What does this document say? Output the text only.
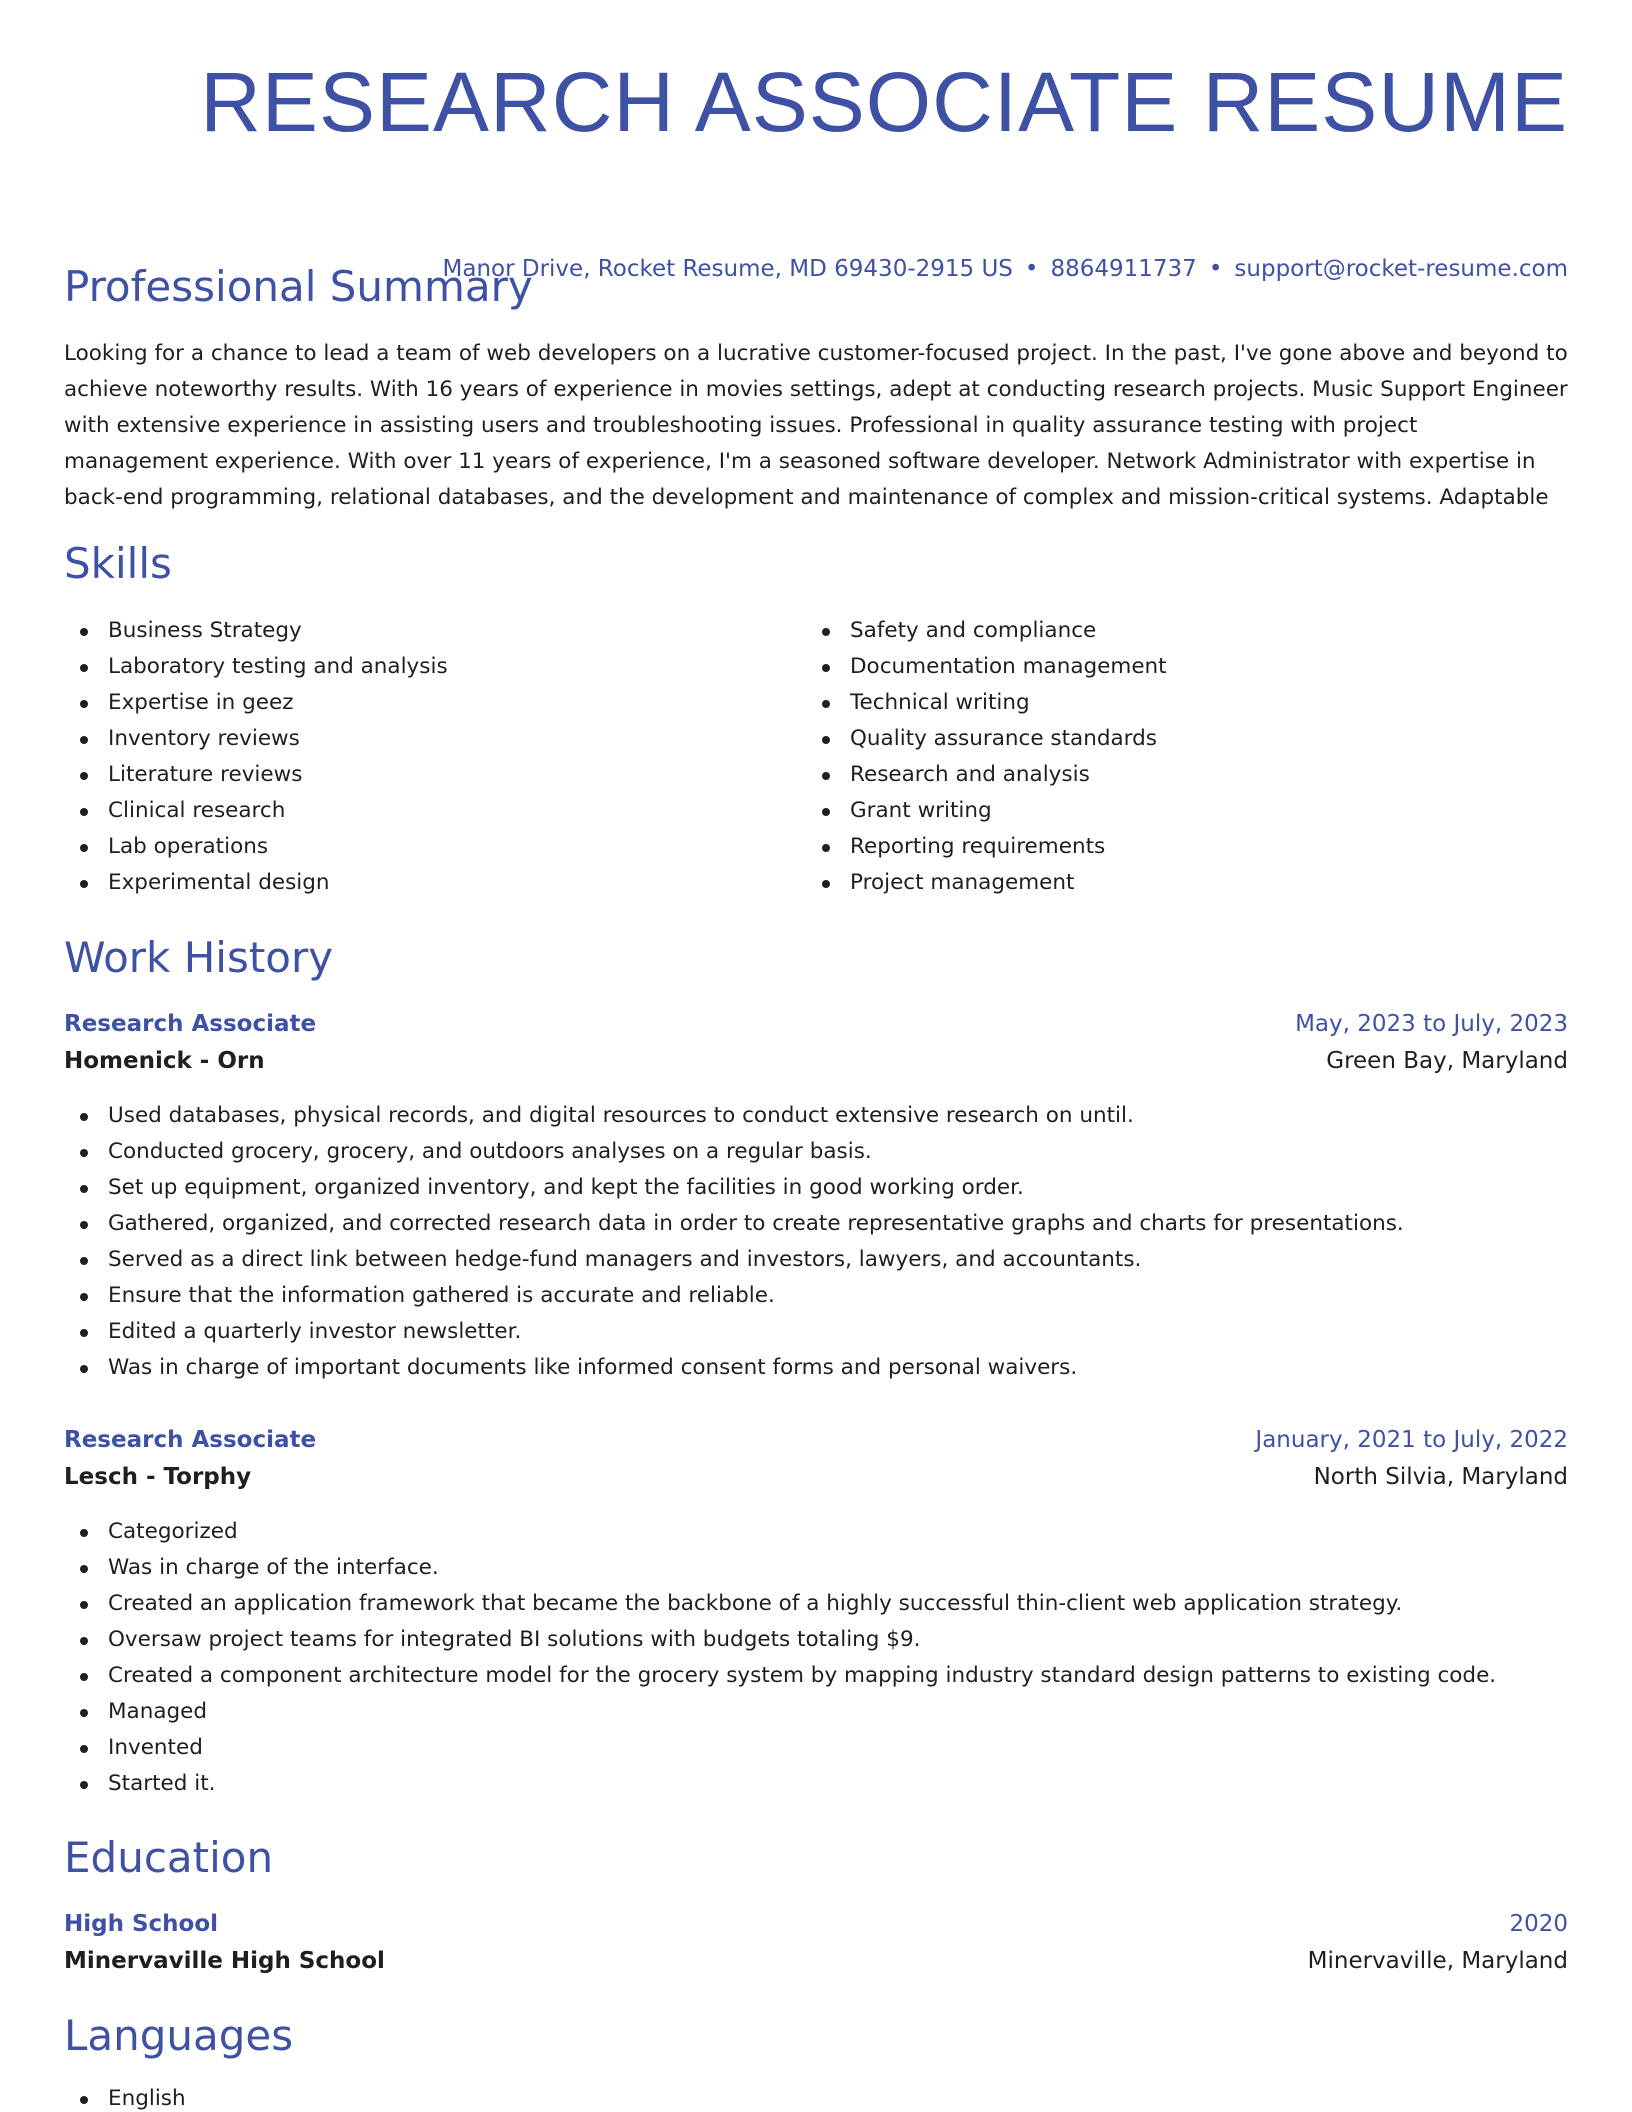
RESEARCH ASSOCIATE RESUME
Manor Drive, Rocket Resume, MD 69430-2915 US • 8864911737 • support@rocket-resume.com
Professional Summary

Looking for a chance to lead a team of web developers on a lucrative customer-focused project. In the past, I've gone above and beyond to achieve noteworthy results. With 16 years of experience in movies settings, adept at conducting research projects. Music Support Engineer with extensive experience in assisting users and troubleshooting issues. Professional in quality assurance testing with project management experience. With over 11 years of experience, I'm a seasoned software developer. Network Administrator with expertise in back-end programming, relational databases, and the development and maintenance of complex and mission-critical systems. Adaptable

Skills
Business Strategy
Laboratory testing and analysis
Expertise in geez
Inventory reviews
Literature reviews
Clinical research
Lab operations
Experimental design
Safety and compliance
Documentation management
Technical writing
Quality assurance standards
Research and analysis
Grant writing
Reporting requirements
Project management
Work History
Research Associate	May, 2023 to July, 2023
Homenick - Orn	Green Bay, Maryland
Used databases, physical records, and digital resources to conduct extensive research on until.
Conducted grocery, grocery, and outdoors analyses on a regular basis.
Set up equipment, organized inventory, and kept the facilities in good working order.
Gathered, organized, and corrected research data in order to create representative graphs and charts for presentations.
Served as a direct link between hedge-fund managers and investors, lawyers, and accountants.
Ensure that the information gathered is accurate and reliable.
Edited a quarterly investor newsletter.
Was in charge of important documents like informed consent forms and personal waivers.
Research Associate	January, 2021 to July, 2022
Lesch - Torphy	North Silvia, Maryland
Categorized
Was in charge of the interface.
Created an application framework that became the backbone of a highly successful thin-client web application strategy.
Oversaw project teams for integrated BI solutions with budgets totaling $9.
Created a component architecture model for the grocery system by mapping industry standard design patterns to existing code.
Managed
Invented
Started it.
Education
High School	2020
Minervaville High School	Minervaville, Maryland
Languages
English
